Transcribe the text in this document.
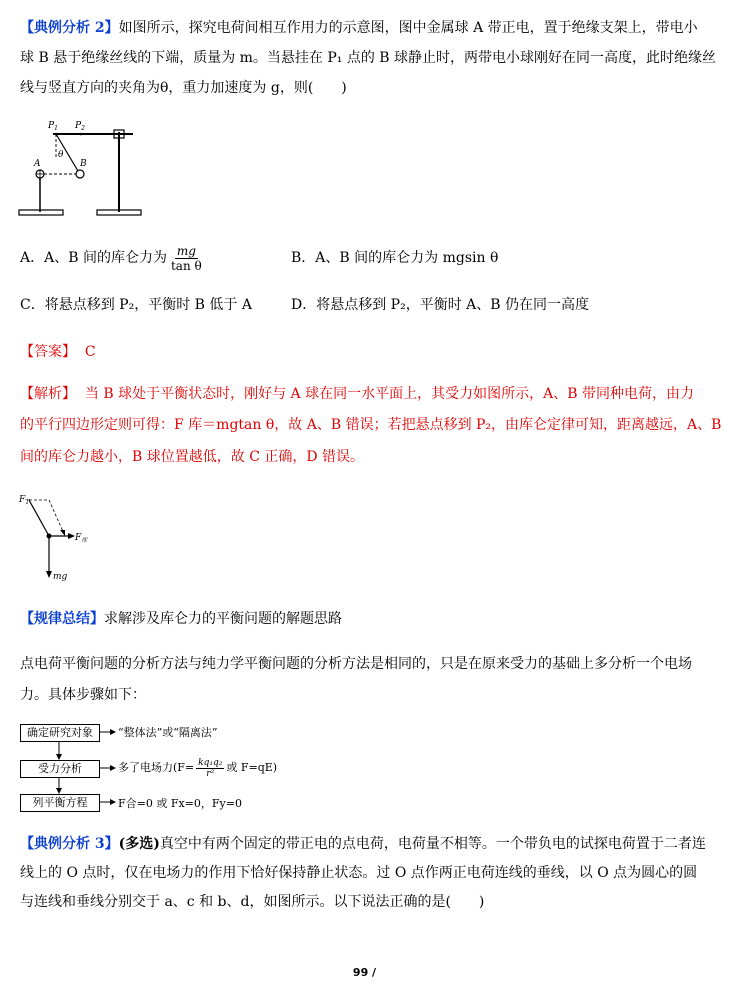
【典例分析 2】如图所示，探究电荷间相互作用力的示意图，图中金属球 A 带正电，置于绝缘支架上，带电小
球 B 悬于绝缘丝线的下端，质量为 m。当悬挂在 P₁ 点的 B 球静止时，两带电小球刚好在同一高度，此时绝缘丝
线与竖直方向的夹角为θ，重力加速度为 g，则(　　)
$P_1$ $P_2$
A	B
θ
A．A、B 间的库仑力为 $\frac{mg}{\text{tan θ}}$	B．A、B 间的库仑力为 mgsin θ
C．将悬点移到 P₂，平衡时 B 低于 A	D．将悬点移到 P₂，平衡时 A、B 仍在同一高度
【答案】 C
【解析】 当 B 球处于平衡状态时，刚好与 A 球在同一水平面上，其受力如图所示，A、B 带同种电荷，由力
的平行四边形定则可得：F 库＝mgtan θ，故 A、B 错误；若把悬点移到 P₂，由库仑定律可知，距离越远，A、B
间的库仑力越小，B 球位置越低，故 C 正确，D 错误。
$F_T$
$F_库$
mg
【规律总结】求解涉及库仑力的平衡问题的解题思路
点电荷平衡问题的分析方法与纯力学平衡问题的分析方法是相同的，只是在原来受力的基础上多分析一个电场
力。具体步骤如下：
确定研究对象
受力分析
列平衡方程
“整体法”或“隔离法”
多了电场力($F= \frac{\text{kq₁q₂}}{\text{r²}}$ 或 F=qE)
F合=0 或 Fx=0，Fy=0
【典例分析 3】(多选)真空中有两个固定的带正电的点电荷，电荷量不相等。一个带负电的试探电荷置于二者连
线上的 O 点时，仅在电场力的作用下恰好保持静止状态。过 O 点作两正电荷连线的垂线，以 O 点为圆心的圆
与连线和垂线分别交于 a、c 和 b、d，如图所示。以下说法正确的是(　　)
99 /
